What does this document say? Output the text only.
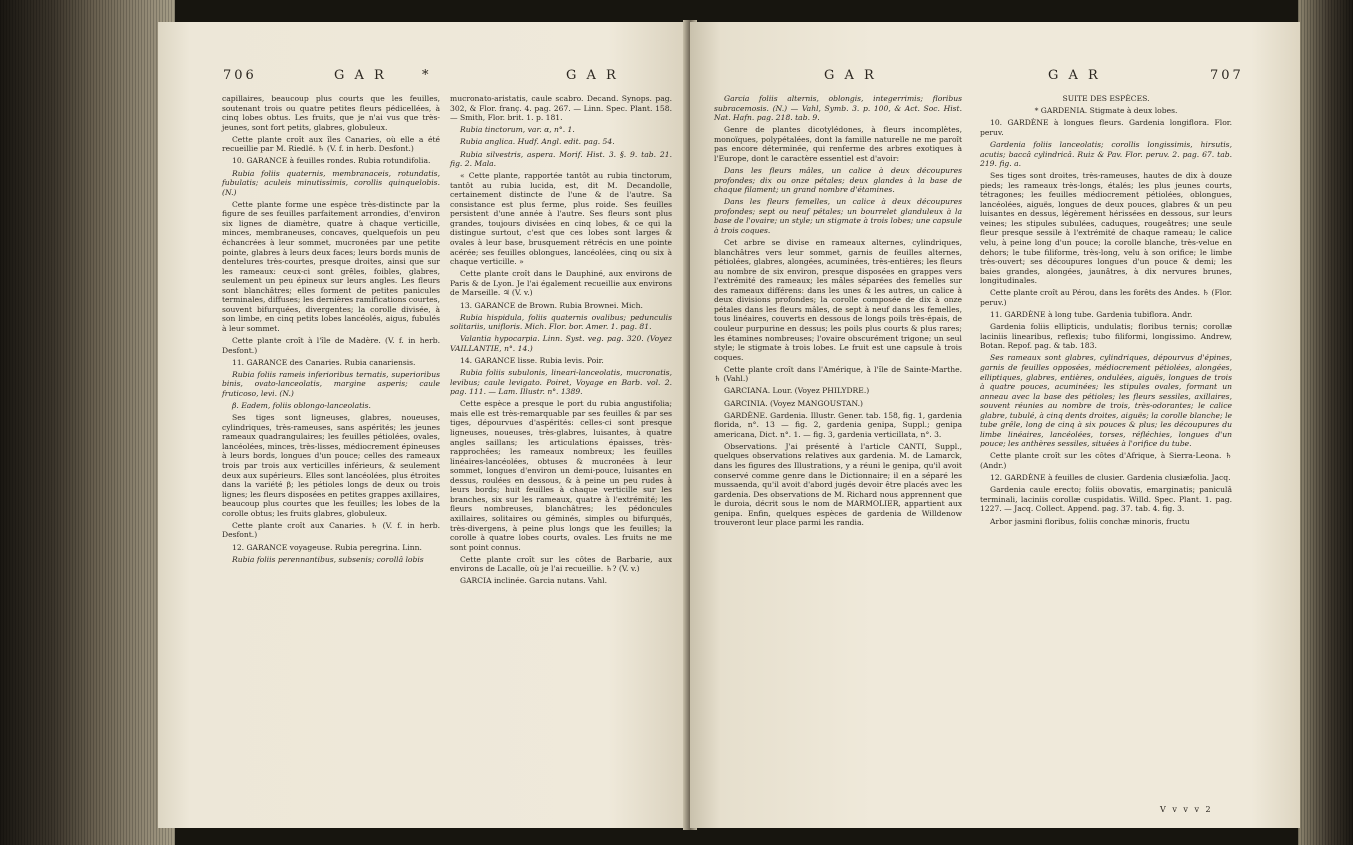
706	G A R	*	G A R

capillaires, beaucoup plus courts que les feuilles, soutenant trois ou quatre petites fleurs pédicellées, à cinq lobes obtus. Les fruits, que je n'ai vus que très-jeunes, sont fort petits, glabres, globuleux.

Cette plante croît aux îles Canaries, où elle a été recueillie par M. Riedlé. ♄ (V. f. in herb. Desfont.)

10. GARANCE à feuilles rondes. Rubia rotundifolia.

Rubia foliis quaternis, membranaceis, rotundatis, fubulatis; aculeis minutissimis, corollis quinquelobis. (N.)

Cette plante forme une espèce très-distincte par la figure de ses feuilles parfaitement arrondies, d'environ six lignes de diamètre, quatre à chaque verticille, minces, membraneuses, concaves, quelquefois un peu échancrées à leur sommet, mucronées par une petite pointe, glabres à leurs deux faces; leurs bords munis de dentelures très-courtes, presque droites, ainsi que sur les rameaux: ceux-ci sont grêles, foibles, glabres, seulement un peu épineux sur leurs angles. Les fleurs sont blanchâtres; elles forment de petites panicules terminales, diffuses; les dernières ramifications courtes, souvent bifurquées, divergentes; la corolle divisée, à son limbe, en cinq petits lobes lancéolés, aigus, fubulés à leur sommet.

Cette plante croît à l'île de Madère. (V. f. in herb. Desfont.)

11. GARANCE des Canaries. Rubia canariensis.

Rubia foliis rameis inferioribus ternatis, superioribus binis, ovato-lanceolatis, margine asperis; caule fruticoso, levi. (N.)

β. Eadem, foliis oblongo-lanceolatis.

Ses tiges sont ligneuses, glabres, noueuses, cylindriques, très-rameuses, sans aspérités; les jeunes rameaux quadrangulaires; les feuilles pétiolées, ovales, lancéolées, minces, très-lisses, médiocrement épineuses à leurs bords, longues d'un pouce; celles des rameaux trois par trois aux verticilles inférieurs, & seulement deux aux supérieurs. Elles sont lancéolées, plus étroites dans la variété β; les pétioles longs de deux ou trois lignes; les fleurs disposées en petites grappes axillaires, beaucoup plus courtes que les feuilles; les lobes de la corolle obtus; les fruits glabres, globuleux.

Cette plante croît aux Canaries. ♄ (V. f. in herb. Desfont.)

12. GARANCE voyageuse. Rubia peregrina. Linn.

Rubia foliis perennantibus, subsenis; corollâ lobis

mucronato-aristatis, caule scabro. Decand. Synops. pag. 302, & Flor. franç. 4. pag. 267. — Linn. Spec. Plant. 158. — Smith, Flor. brit. 1. p. 181.

Rubia tinctorum, var. α, n°. 1.

Rubia anglica. Hudf. Angl. edit. pag. 54.

Rubia silvestris, aspera. Morif. Hist. 3. §. 9. tab. 21. fig. 2. Mala.

« Cette plante, rapportée tantôt au rubia tinctorum, tantôt au rubia lucida, est, dit M. Decandolle, certainement distincte de l'une & de l'autre. Sa consistance est plus ferme, plus roide. Ses feuilles persistent d'une année à l'autre. Ses fleurs sont plus grandes, toujours divisées en cinq lobes, & ce qui la distingue surtout, c'est que ces lobes sont larges & ovales à leur base, brusquement rétrécis en une pointe acérée; ses feuilles oblongues, lancéolées, cinq ou six à chaque verticille. »

Cette plante croît dans le Dauphiné, aux environs de Paris & de Lyon. Je l'ai également recueillie aux environs de Marseille. ♃ (V. v.)

13. GARANCE de Brown. Rubia Brownei. Mich.

Rubia hispidula, foliis quaternis ovalibus; pedunculis solitariis, unifloris. Mich. Flor. bor. Amer. 1. pag. 81.

Valantia hypocarpia. Linn. Syst. veg. pag. 320. (Voyez VAILLANTIE, n°. 14.)

14. GARANCE lisse. Rubia levis. Poir.

Rubia foliis subulonis, lineari-lanceolatis, mucronatis, levibus; caule levigato. Poiret, Voyage en Barb. vol. 2. pag. 111. — Lam. Illustr. n°. 1389.

Cette espèce a presque le port du rubia angustifolia; mais elle est très-remarquable par ses feuilles & par ses tiges, dépourvues d'aspérités: celles-ci sont presque ligneuses, noueuses, très-glabres, luisantes, à quatre angles saillans; les articulations épaisses, très-rapprochées; les rameaux nombreux; les feuilles linéaires-lancéolées, obtuses & mucronées à leur sommet, longues d'environ un demi-pouce, luisantes en dessus, roulées en dessous, & à peine un peu rudes à leurs bords; huit feuilles à chaque verticille sur les branches, six sur les rameaux, quatre à l'extrémité; les fleurs nombreuses, blanchâtres; les pédoncules axillaires, solitaires ou géminés, simples ou bifurqués, très-divergens, à peine plus longs que les feuilles; la corolle à quatre lobes courts, ovales. Les fruits ne me sont point connus.

Cette plante croît sur les côtes de Barbarie, aux environs de Lacalle, où je l'ai recueillie. ♄? (V. v.)

GARCIA inclinée. Garcia nutans. Vahl.

G A R	G A R	707

Garcia foliis alternis, oblongis, integerrimis; floribus subracemosis. (N.) — Vahl, Symb. 3. p. 100, & Act. Soc. Hist. Nat. Hafn. pag. 218. tab. 9.

Genre de plantes dicotylédones, à fleurs incomplètes, monoïques, polypétalées, dont la famille naturelle ne me paroît pas encore déterminée, qui renferme des arbres exotiques à l'Europe, dont le caractère essentiel est d'avoir:

Dans les fleurs mâles, un calice à deux découpures profondes; dix ou onze pétales; deux glandes à la base de chaque filament; un grand nombre d'étamines.

Dans les fleurs femelles, un calice à deux découpures profondes; sept ou neuf pétales; un bourrelet glanduleux à la base de l'ovaire; un style; un stigmate à trois lobes; une capsule à trois coques.

Cet arbre se divise en rameaux alternes, cylindriques, blanchâtres vers leur sommet, garnis de feuilles alternes, pétiolées, glabres, alongées, acuminées, très-entières; les fleurs au nombre de six environ, presque disposées en grappes vers l'extrémité des rameaux; les mâles séparées des femelles sur des rameaux différens: dans les unes & les autres, un calice à deux divisions profondes; la corolle composée de dix à onze pétales dans les fleurs mâles, de sept à neuf dans les femelles, tous linéaires, couverts en dessous de longs poils très-épais, de couleur purpurine en dessus; les poils plus courts & plus rares; les étamines nombreuses; l'ovaire obscurément trigone; un seul style; le stigmate à trois lobes. Le fruit est une capsule à trois coques.

Cette plante croît dans l'Amérique, à l'île de Sainte-Marthe. ♄ (Vahl.)

GARCIANA. Lour. (Voyez PHILYDRE.)

GARCINIA. (Voyez MANGOUSTAN.)

GARDÈNE. Gardenia. Illustr. Gener. tab. 158, fig. 1, gardenia florida, n°. 13 — fig. 2, gardenia genipa, Suppl.; genipa americana, Dict. n°. 1. — fig. 3, gardenia verticillata, n°. 3.

Observations. J'ai présenté à l'article CANTI, Suppl., quelques observations relatives aux gardenia. M. de Lamarck, dans les figures des Illustrations, y a réuni le genipa, qu'il avoit conservé comme genre dans le Dictionnaire; il en a séparé les mussaenda, qu'il avoit d'abord jugés devoir être placés avec les gardenia. Des observations de M. Richard nous apprennent que le duroia, décrit sous le nom de MARMOLIER, appartient aux genipa. Enfin, quelques espèces de gardenia de Willdenow trouveront leur place parmi les randia.

SUITE DES ESPÈCES.

* GARDENIA. Stigmate à deux lobes.

10. GARDÈNE à longues fleurs. Gardenia longiflora. Flor. peruv.

Gardenia foliis lanceolatis; corollis longissimis, hirsutis, acutis; baccâ cylindricâ. Ruiz & Pav. Flor. peruv. 2. pag. 67. tab. 219. fig. a.

Ses tiges sont droites, très-rameuses, hautes de dix à douze pieds; les rameaux très-longs, étalés; les plus jeunes courts, tétragones; les feuilles médiocrement pétiolées, oblongues, lancéolées, aiguës, longues de deux pouces, glabres & un peu luisantes en dessus, légèrement hérissées en dessous, sur leurs veines; les stipules subulées, caduques, rougeâtres; une seule fleur presque sessile à l'extrémité de chaque rameau; le calice velu, à peine long d'un pouce; la corolle blanche, très-velue en dehors; le tube filiforme, très-long, velu à son orifice; le limbe très-ouvert; ses découpures longues d'un pouce & demi; les baies grandes, alongées, jaunâtres, à dix nervures brunes, longitudinales.

Cette plante croît au Pérou, dans les forêts des Andes. ♄ (Flor. peruv.)

11. GARDÈNE à long tube. Gardenia tubiflora. Andr.

Gardenia foliis ellipticis, undulatis; floribus ternis; corollæ laciniis linearibus, reflexis; tubo filiformi, longissimo. Andrew, Botan. Repof. pag. & tab. 183.

Ses rameaux sont glabres, cylindriques, dépourvus d'épines, garnis de feuilles opposées, médiocrement pétiolées, alongées, elliptiques, glabres, entières, ondulées, aiguës, longues de trois à quatre pouces, acuminées; les stipules ovales, formant un anneau avec la base des pétioles; les fleurs sessiles, axillaires, souvent réunies au nombre de trois, très-odorantes; le calice glabre, tubulé, à cinq dents droites, aiguës; la corolle blanche; le tube grêle, long de cinq à six pouces & plus; les découpures du limbe linéaires, lancéolées, torses, réfléchies, longues d'un pouce; les anthères sessiles, situées à l'orifice du tube.

Cette plante croît sur les côtes d'Afrique, à Sierra-Leona. ♄ (Andr.)

12. GARDÈNE à feuilles de clusier. Gardenia clusiæfolia. Jacq.

Gardenia caule erecto; foliis obovatis, emarginatis; paniculâ terminali, laciniis corollæ cuspidatis. Willd. Spec. Plant. 1. pag. 1227. — Jacq. Collect. Append. pag. 37. tab. 4. fig. 3.

Arbor jasmini floribus, foliis conchæ minoris, fructu

V v v v 2
